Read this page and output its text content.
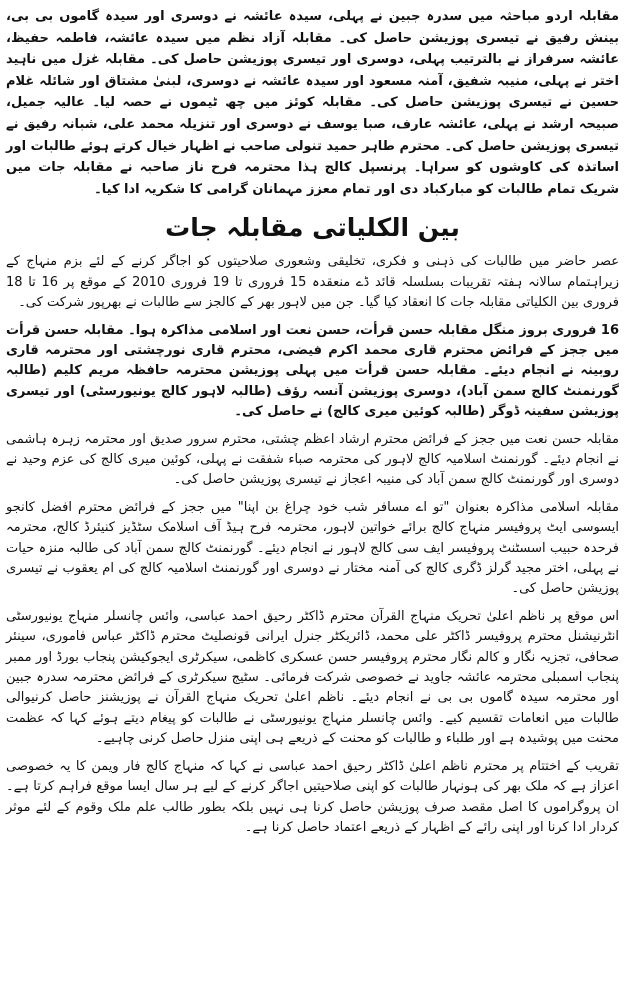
مقابلہ اردو مباحثہ میں سدرہ جبین نے پہلی، سیدہ عائشہ نے دوسری اور سیدہ گاموں بی بی، بینش رفیق نے تیسری پوزیشن حاصل کی۔ مقابلہ آزاد نظم میں سیدہ عائشہ، فاطمہ حفیظ، عائشہ سرفراز نے بالترتیب پہلی، دوسری اور تیسری پوزیشن حاصل کی۔ مقابلہ غزل میں ناہید اختر نے پہلی، منیبہ شفیق، آمنہ مسعود اور سیدہ عائشہ نے دوسری، لبنیٰ مشتاق اور شائلہ غلام حسین نے تیسری پوزیشن حاصل کی۔ مقابلہ کوئز میں چھ ٹیموں نے حصہ لیا۔ عالیہ جمیل، صبیحہ ارشد نے پہلی، عائشہ عارف، صبا یوسف نے دوسری اور تنزیلہ محمد علی، شبانہ رفیق نے تیسری پوزیشن حاصل کی۔ محترم طاہر حمید تنولی صاحب نے اظہار خیال کرتے ہوئے طالبات اور اساتذہ کی کاوشوں کو سراہا۔ پرنسپل کالج ہذا محترمہ فرح ناز صاحبہ نے مقابلہ جات میں شریک تمام طالبات کو مبارکباد دی اور تمام معزز مہمانان گرامی کا شکریہ ادا کیا۔

بین الکلیاتی مقابلہ جات

عصر حاضر میں طالبات کی ذہنی و فکری، تخلیقی وشعوری صلاحیتوں کو اجاگر کرنے کے لئے بزم منہاج کے زیراہتمام سالانہ ہفتہ تقریبات بسلسلہ قائد ڈے منعقدہ 15 فروری تا 19 فروری 2010 کے موقع پر 16 تا 18 فروری بین الکلیاتی مقابلہ جات کا انعقاد کیا گیا۔ جن میں لاہور بھر کے کالجز سے طالبات نے بھرپور شرکت کی۔

16 فروری بروز منگل مقابلہ حسن قرأت، حسن نعت اور اسلامی مذاکرہ ہوا۔ مقابلہ حسن قرأت میں ججز کے فرائض محترم قاری محمد اکرم فیضی، محترم قاری نورچشتی اور محترمہ قاری روبینہ نے انجام دیئے۔ مقابلہ حسن قرأت میں پہلی پوزیشن محترمہ حافظہ مریم کلیم (طالبہ گورنمنٹ کالج سمن آباد)، دوسری پوزیشن آنسہ رؤف (طالبہ لاہور کالج یونیورسٹی) اور تیسری پوزیشن سفینہ ڈوگر (طالبہ کوئین میری کالج) نے حاصل کی۔

مقابلہ حسن نعت میں ججز کے فرائض محترم ارشاد اعظم چشتی، محترم سرور صدیق اور محترمہ زہرہ ہاشمی نے انجام دیئے۔ گورنمنٹ اسلامیہ کالج لاہور کی محترمہ صباء شفقت نے پہلی، کوئین میری کالج کی عزم وحید نے دوسری اور گورنمنٹ کالج سمن آباد کی منیبہ اعجاز نے تیسری پوزیشن حاصل کی۔

مقابلہ اسلامی مذاکرہ بعنوان "تو اے مسافر شب خود چراغ بن اپنا" میں ججز کے فرائض محترم افضل کانجو ایسوسی ایٹ پروفیسر منہاج کالج برائے خواتین لاہور، محترمہ فرح ہیڈ آف اسلامک سٹڈیز کنیئرڈ کالج، محترمہ فرحدہ حبیب اسسٹنٹ پروفیسر ایف سی کالج لاہور نے انجام دیئے۔ گورنمنٹ کالج سمن آباد کی طالبہ منزہ حیات نے پہلی، اختر مجید گرلز ڈگری کالج کی آمنہ مختار نے دوسری اور گورنمنٹ اسلامیہ کالج کی ام یعقوب نے تیسری پوزیشن حاصل کی۔

اس موقع پر ناظم اعلیٰ تحریک منہاج القرآن محترم ڈاکٹر رحیق احمد عباسی، وائس چانسلر منہاج یونیورسٹی انٹرنیشنل محترم پروفیسر ڈاکٹر علی محمد، ڈائریکٹر جنرل ایرانی قونصلیٹ محترم ڈاکٹر عباس فاموری، سینئر صحافی، تجزیہ نگار و کالم نگار محترم پروفیسر حسن عسکری کاظمی، سیکرٹری ایجوکیشن پنجاب بورڈ اور ممبر پنجاب اسمبلی محترمہ عائشہ جاوید نے خصوصی شرکت فرمائی۔ سٹیج سیکرٹری کے فرائض محترمہ سدرہ جبین اور محترمہ سیدہ گاموں بی بی نے انجام دیئے۔ ناظم اعلیٰ تحریک منہاج القرآن نے پوزیشنز حاصل کرنیوالی طالبات میں انعامات تقسیم کیے۔ وائس چانسلر منہاج یونیورسٹی نے طالبات کو پیغام دیتے ہوئے کہا کہ عظمت محنت میں پوشیدہ ہے اور طلباء و طالبات کو محنت کے ذریعے ہی اپنی منزل حاصل کرنی چاہیے۔

تقریب کے اختتام پر محترم ناظم اعلیٰ ڈاکٹر رحیق احمد عباسی نے کہا کہ منہاج کالج فار ویمن کا یہ خصوصی اعزاز ہے کہ ملک بھر کی ہونہار طالبات کو اپنی صلاحیتیں اجاگر کرنے کے لیے ہر سال ایسا موقع فراہم کرتا ہے۔ ان پروگراموں کا اصل مقصد صرف پوزیشن حاصل کرنا ہی نہیں بلکہ بطور طالب علم ملک وقوم کے لئے موثر کردار ادا کرنا اور اپنی رائے کے اظہار کے ذریعے اعتماد حاصل کرنا ہے۔
